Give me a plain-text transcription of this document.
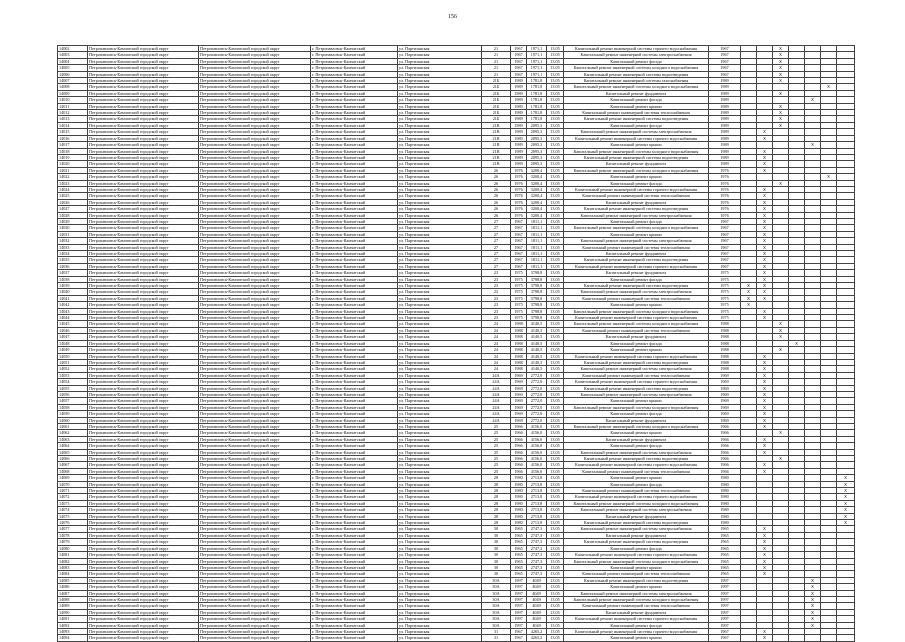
156
14002	Петропавловск-Камчатский городской округ	Петропавловск-Камчатский городской округ	г. Петропавловск-Камчатский	ул. Партизанская	21	1967	1971,1	13.05	Капитальный ремонт инженерной системы горячего водоснабжения	1967			X				
14003	Петропавловск-Камчатский городской округ	Петропавловск-Камчатский городской округ	г. Петропавловск-Камчатский	ул. Партизанская	21	1967	1971,1	13.05	Капитальный ремонт инженерной системы электроснабжения	1967			X				
14004	Петропавловск-Камчатский городской округ	Петропавловск-Камчатский городской округ	г. Петропавловск-Камчатский	ул. Партизанская	21	1967	1971,1	13.05	Капитальный ремонт фасада	1967			X				
14005	Петропавловск-Камчатский городской округ	Петропавловск-Камчатский городской округ	г. Петропавловск-Камчатский	ул. Партизанская	21	1967	1971,1	13.05	Капитальный ремонт инженерной системы холодного водоснабжения	1967			X				
14006	Петропавловск-Камчатский городской округ	Петропавловск-Камчатский городской округ	г. Петропавловск-Камчатский	ул. Партизанская	21	1967	1971,1	13.05	Капитальный ремонт инженерной системы водоотведения	1967			X				
14007	Петропавловск-Камчатский городской округ	Петропавловск-Камчатский городской округ	г. Петропавловск-Камчатский	ул. Партизанская	21Б	1989	1781,8	13.05	Капитальный ремонт инженерной системы газоснабжения	1989			X				
14008	Петропавловск-Камчатский городской округ	Петропавловск-Камчатский городской округ	г. Петропавловск-Камчатский	ул. Партизанская	21Б	1989	1781,8	13.05	Капитальный ремонт инженерной системы холодного водоснабжения	1989						X	
14009	Петропавловск-Камчатский городской округ	Петропавловск-Камчатский городской округ	г. Петропавловск-Камчатский	ул. Партизанская	21Б	1989	1781,8	13.05	Капитальный ремонт фундамента	1989			X				
14010	Петропавловск-Камчатский городской округ	Петропавловск-Камчатский городской округ	г. Петропавловск-Камчатский	ул. Партизанская	21Б	1989	1781,8	13.05	Капитальный ремонт фасада	1989					X		
14011	Петропавловск-Камчатский городской округ	Петропавловск-Камчатский городской округ	г. Петропавловск-Камчатский	ул. Партизанская	21Б	1989	1781,8	13.05	Капитальный ремонт крыши	1989			X				
14012	Петропавловск-Камчатский городской округ	Петропавловск-Камчатский городской округ	г. Петропавловск-Камчатский	ул. Партизанская	21Б	1989	1781,8	13.05	Капитальный ремонт инженерной системы теплоснабжения	1989			X				
14013	Петропавловск-Камчатский городской округ	Петропавловск-Камчатский городской округ	г. Петропавловск-Камчатский	ул. Партизанская	21Б	1989	1781,8	13.05	Капитальный ремонт инженерной системы водоотведения	1989			X				
14014	Петропавловск-Камчатский городской округ	Петропавловск-Камчатский городской округ	г. Петропавловск-Камчатский	ул. Партизанская	21В	1989	2095,3	13.05	Капитальный ремонт фасада	1989			X				
14015	Петропавловск-Камчатский городской округ	Петропавловск-Камчатский городской округ	г. Петропавловск-Камчатский	ул. Партизанская	21В	1989	2095,3	13.05	Капитальный ремонт инженерной системы электроснабжения	1989		X					
14016	Петропавловск-Камчатский городской округ	Петропавловск-Камчатский городской округ	г. Петропавловск-Камчатский	ул. Партизанская	21В	1989	2095,3	13.05	Капитальный ремонт инженерной системы горячего водоснабжения	1989		X					
14017	Петропавловск-Камчатский городской округ	Петропавловск-Камчатский городской округ	г. Петропавловск-Камчатский	ул. Партизанская	21В	1989	2095,3	13.05	Капитальный ремонт крыши	1989					X		
14018	Петропавловск-Камчатский городской округ	Петропавловск-Камчатский городской округ	г. Петропавловск-Камчатский	ул. Партизанская	21В	1989	2095,3	13.05	Капитальный ремонт инженерной системы холодного водоснабжения	1989		X					
14019	Петропавловск-Камчатский городской округ	Петропавловск-Камчатский городской округ	г. Петропавловск-Камчатский	ул. Партизанская	21В	1989	2095,3	13.05	Капитальный ремонт инженерной системы водоотведения	1989		X					
14020	Петропавловск-Камчатский городской округ	Петропавловск-Камчатский городской округ	г. Петропавловск-Камчатский	ул. Партизанская	21В	1989	2095,3	13.05	Капитальный ремонт фундамента	1989		X					
14021	Петропавловск-Камчатский городской округ	Петропавловск-Камчатский городской округ	г. Петропавловск-Камчатский	ул. Партизанская	26	1976	3200,4	13.05	Капитальный ремонт инженерной системы холодного водоснабжения	1976		X					
14022	Петропавловск-Камчатский городской округ	Петропавловск-Камчатский городской округ	г. Петропавловск-Камчатский	ул. Партизанская	26	1976	3200,4	13.05	Капитальный ремонт крыши	1976						X	
14023	Петропавловск-Камчатский городской округ	Петропавловск-Камчатский городской округ	г. Петропавловск-Камчатский	ул. Партизанская	26	1976	3200,4	13.05	Капитальный ремонт фасада	1976			X				
14024	Петропавловск-Камчатский городской округ	Петропавловск-Камчатский городской округ	г. Петропавловск-Камчатский	ул. Партизанская	26	1976	3200,4	13.05	Капитальный ремонт инженерной системы горячего водоснабжения	1976		X					
14025	Петропавловск-Камчатский городской округ	Петропавловск-Камчатский городской округ	г. Петропавловск-Камчатский	ул. Партизанская	26	1976	3200,4	13.05	Капитальный ремонт инженерной системы теплоснабжения	1976		X					
14026	Петропавловск-Камчатский городской округ	Петропавловск-Камчатский городской округ	г. Петропавловск-Камчатский	ул. Партизанская	26	1976	3200,4	13.05	Капитальный ремонт фундамента	1976		X					
14027	Петропавловск-Камчатский городской округ	Петропавловск-Камчатский городской округ	г. Петропавловск-Камчатский	ул. Партизанская	26	1976	3200,4	13.05	Капитальный ремонт инженерной системы водоотведения	1976		X					
14028	Петропавловск-Камчатский городской округ	Петропавловск-Камчатский городской округ	г. Петропавловск-Камчатский	ул. Партизанская	26	1976	3200,4	13.05	Капитальный ремонт инженерной системы электроснабжения	1976		X					
14029	Петропавловск-Камчатский городской округ	Петропавловск-Камчатский городской округ	г. Петропавловск-Камчатский	ул. Партизанская	27	1967	1811,1	13.05	Капитальный ремонт фасада	1967		X					
14030	Петропавловск-Камчатский городской округ	Петропавловск-Камчатский городской округ	г. Петропавловск-Камчатский	ул. Партизанская	27	1967	1811,1	13.05	Капитальный ремонт инженерной системы холодного водоснабжения	1967		X					
14031	Петропавловск-Камчатский городской округ	Петропавловск-Камчатский городской округ	г. Петропавловск-Камчатский	ул. Партизанская	27	1967	1811,1	13.05	Капитальный ремонт крыши	1967		X					
14032	Петропавловск-Камчатский городской округ	Петропавловск-Камчатский городской округ	г. Петропавловск-Камчатский	ул. Партизанская	27	1967	1811,1	13.05	Капитальный ремонт инженерной системы электроснабжения	1967		X					
14033	Петропавловск-Камчатский городской округ	Петропавловск-Камчатский городской округ	г. Петропавловск-Камчатский	ул. Партизанская	27	1967	1811,1	13.05	Капитальный ремонт инженерной системы теплоснабжения	1967		X					
14034	Петропавловск-Камчатский городской округ	Петропавловск-Камчатский городской округ	г. Петропавловск-Камчатский	ул. Партизанская	27	1967	1811,1	13.05	Капитальный ремонт фундамента	1967		X					
14035	Петропавловск-Камчатский городской округ	Петропавловск-Камчатский городской округ	г. Петропавловск-Камчатский	ул. Партизанская	27	1967	1811,1	13.05	Капитальный ремонт инженерной системы водоотведения	1967		X					
14036	Петропавловск-Камчатский городской округ	Петропавловск-Камчатский городской округ	г. Петропавловск-Камчатский	ул. Партизанская	27	1967	1811,1	13.05	Капитальный ремонт инженерной системы горячего водоснабжения	1967		X					
14037	Петропавловск-Камчатский городской округ	Петропавловск-Камчатский городской округ	г. Петропавловск-Камчатский	ул. Партизанская	23	1975	3798,8	13.05	Капитальный ремонт фундамента	1975		X					
14038	Петропавловск-Камчатский городской округ	Петропавловск-Камчатский городской округ	г. Петропавловск-Камчатский	ул. Партизанская	23	1975	3798,8	13.05	Капитальный ремонт фасада	1975		X					
14039	Петропавловск-Камчатский городской округ	Петропавловск-Камчатский городской округ	г. Петропавловск-Камчатский	ул. Партизанская	23	1975	3798,8	13.05	Капитальный ремонт инженерной системы водоотведения	1975	X	X					
14040	Петропавловск-Камчатский городской округ	Петропавловск-Камчатский городской округ	г. Петропавловск-Камчатский	ул. Партизанская	23	1975	3798,8	13.05	Капитальный ремонт инженерной системы электроснабжения	1975	X	X					
14041	Петропавловск-Камчатский городской округ	Петропавловск-Камчатский городской округ	г. Петропавловск-Камчатский	ул. Партизанская	23	1975	3798,8	13.05	Капитальный ремонт инженерной системы теплоснабжения	1975	X	X					
14042	Петропавловск-Камчатский городской округ	Петропавловск-Камчатский городской округ	г. Петропавловск-Камчатский	ул. Партизанская	23	1975	3798,8	13.05	Капитальный ремонт крыши	1975	X						
14043	Петропавловск-Камчатский городской округ	Петропавловск-Камчатский городской округ	г. Петропавловск-Камчатский	ул. Партизанская	23	1975	3798,8	13.05	Капитальный ремонт инженерной системы холодного водоснабжения	1975		X					
14044	Петропавловск-Камчатский городской округ	Петропавловск-Камчатский городской округ	г. Петропавловск-Камчатский	ул. Партизанская	23	1975	3798,8	13.05	Капитальный ремонт инженерной системы горячего водоснабжения	1975		X					
14045	Петропавловск-Камчатский городской округ	Петропавловск-Камчатский городской округ	г. Петропавловск-Камчатский	ул. Партизанская	24	1988	4140,5	13.05	Капитальный ремонт инженерной системы холодного водоснабжения	1988			X				
14046	Петропавловск-Камчатский городской округ	Петропавловск-Камчатский городской округ	г. Петропавловск-Камчатский	ул. Партизанская	24	1988	4140,5	13.05	Капитальный ремонт инженерной системы теплоснабжения	1988			X				
14047	Петропавловск-Камчатский городской округ	Петропавловск-Камчатский городской округ	г. Петропавловск-Камчатский	ул. Партизанская	24	1988	4140,5	13.05	Капитальный ремонт фундамента	1988			X				
14048	Петропавловск-Камчатский городской округ	Петропавловск-Камчатский городской округ	г. Петропавловск-Камчатский	ул. Партизанская	24	1988	4140,5	13.05	Капитальный ремонт фасада	1988				X			
14049	Петропавловск-Камчатский городской округ	Петропавловск-Камчатский городской округ	г. Петропавловск-Камчатский	ул. Партизанская	24	1988	4140,5	13.05	Капитальный ремонт крыши	1988			X				
14050	Петропавловск-Камчатский городской округ	Петропавловск-Камчатский городской округ	г. Петропавловск-Камчатский	ул. Партизанская	24	1988	4140,5	13.05	Капитальный ремонт инженерной системы горячего водоснабжения	1988		X					
14051	Петропавловск-Камчатский городской округ	Петропавловск-Камчатский городской округ	г. Петропавловск-Камчатский	ул. Партизанская	24	1988	4140,5	13.05	Капитальный ремонт инженерной системы водоотведения	1988		X					
14052	Петропавловск-Камчатский городской округ	Петропавловск-Камчатский городской округ	г. Петропавловск-Камчатский	ул. Партизанская	24	1988	4140,5	13.05	Капитальный ремонт инженерной системы электроснабжения	1988		X					
14053	Петропавловск-Камчатский городской округ	Петропавловск-Камчатский городской округ	г. Петропавловск-Камчатский	ул. Партизанская	24А	1969	2772,0	13.05	Капитальный ремонт инженерной системы теплоснабжения	1969		X					
14054	Петропавловск-Камчатский городской округ	Петропавловск-Камчатский городской округ	г. Петропавловск-Камчатский	ул. Партизанская	24А	1969	2772,0	13.05	Капитальный ремонт инженерной системы горячего водоснабжения	1969		X					
14055	Петропавловск-Камчатский городской округ	Петропавловск-Камчатский городской округ	г. Петропавловск-Камчатский	ул. Партизанская	24А	1969	2772,0	13.05	Капитальный ремонт инженерной системы водоотведения	1969		X					
14056	Петропавловск-Камчатский городской округ	Петропавловск-Камчатский городской округ	г. Петропавловск-Камчатский	ул. Партизанская	24А	1969	2772,0	13.05	Капитальный ремонт инженерной системы электроснабжения	1969		X					
14057	Петропавловск-Камчатский городской округ	Петропавловск-Камчатский городской округ	г. Петропавловск-Камчатский	ул. Партизанская	24А	1969	2772,0	13.05	Капитальный ремонт крыши	1969		X					
14058	Петропавловск-Камчатский городской округ	Петропавловск-Камчатский городской округ	г. Петропавловск-Камчатский	ул. Партизанская	24А	1969	2772,0	13.05	Капитальный ремонт инженерной системы холодного водоснабжения	1969		X					
14059	Петропавловск-Камчатский городской округ	Петропавловск-Камчатский городской округ	г. Петропавловск-Камчатский	ул. Партизанская	24А	1969	2772,0	13.05	Капитальный ремонт фасада	1969		X					
14060	Петропавловск-Камчатский городской округ	Петропавловск-Камчатский городской округ	г. Петропавловск-Камчатский	ул. Партизанская	24А	1969	2772,0	13.05	Капитальный ремонт фундамента	1969		X					
14061	Петропавловск-Камчатский городской округ	Петропавловск-Камчатский городской округ	г. Петропавловск-Камчатский	ул. Партизанская	25	1966	4156,0	13.05	Капитальный ремонт инженерной системы холодного водоснабжения	1966		X					
14062	Петропавловск-Камчатский городской округ	Петропавловск-Камчатский городской округ	г. Петропавловск-Камчатский	ул. Партизанская	25	1966	4156,0	13.05	Капитальный ремонт крыши	1966			X				
14063	Петропавловск-Камчатский городской округ	Петропавловск-Камчатский городской округ	г. Петропавловск-Камчатский	ул. Партизанская	25	1966	4156,0	13.05	Капитальный ремонт фундамента	1966		X					
14064	Петропавловск-Камчатский городской округ	Петропавловск-Камчатский городской округ	г. Петропавловск-Камчатский	ул. Партизанская	25	1966	4156,0	13.05	Капитальный ремонт фасада	1966		X					
14065	Петропавловск-Камчатский городской округ	Петропавловск-Камчатский городской округ	г. Петропавловск-Камчатский	ул. Партизанская	25	1966	4156,0	13.05	Капитальный ремонт инженерной системы электроснабжения	1966		X					
14066	Петропавловск-Камчатский городской округ	Петропавловск-Камчатский городской округ	г. Петропавловск-Камчатский	ул. Партизанская	25	1966	4156,0	13.05	Капитальный ремонт инженерной системы водоотведения	1966			X				
14067	Петропавловск-Камчатский городской округ	Петропавловск-Камчатский городской округ	г. Петропавловск-Камчатский	ул. Партизанская	25	1966	4156,0	13.05	Капитальный ремонт инженерной системы горячего водоснабжения	1966		X					
14068	Петропавловск-Камчатский городской округ	Петропавловск-Камчатский городской округ	г. Петропавловск-Камчатский	ул. Партизанская	25	1966	4156,0	13.05	Капитальный ремонт инженерной системы теплоснабжения	1966		X					
14069	Петропавловск-Камчатский городской округ	Петропавловск-Камчатский городской округ	г. Петропавловск-Камчатский	ул. Партизанская	28	1980	2713,8	13.05	Капитальный ремонт крыши	1980							X
14070	Петропавловск-Камчатский городской округ	Петропавловск-Камчатский городской округ	г. Петропавловск-Камчатский	ул. Партизанская	28	1980	2713,8	13.05	Капитальный ремонт фасада	1980							X
14071	Петропавловск-Камчатский городской округ	Петропавловск-Камчатский городской округ	г. Петропавловск-Камчатский	ул. Партизанская	28	1980	2713,8	13.05	Капитальный ремонт инженерной системы теплоснабжения	1980							X
14072	Петропавловск-Камчатский городской округ	Петропавловск-Камчатский городской округ	г. Петропавловск-Камчатский	ул. Партизанская	28	1980	2713,8	13.05	Капитальный ремонт инженерной системы горячего водоснабжения	1980							X
14073	Петропавловск-Камчатский городской округ	Петропавловск-Камчатский городской округ	г. Петропавловск-Камчатский	ул. Партизанская	28	1980	2713,8	13.05	Капитальный ремонт инженерной системы холодного водоснабжения	1980							X
14074	Петропавловск-Камчатский городской округ	Петропавловск-Камчатский городской округ	г. Петропавловск-Камчатский	ул. Партизанская	28	1980	2713,8	13.05	Капитальный ремонт инженерной системы электроснабжения	1980							X
14075	Петропавловск-Камчатский городской округ	Петропавловск-Камчатский городской округ	г. Петропавловск-Камчатский	ул. Партизанская	28	1980	2713,8	13.05	Капитальный ремонт фундамента	1980							X
14076	Петропавловск-Камчатский городской округ	Петропавловск-Камчатский городской округ	г. Петропавловск-Камчатский	ул. Партизанская	28	1980	2713,8	13.05	Капитальный ремонт инженерной системы водоотведения	1980							X
14077	Петропавловск-Камчатский городской округ	Петропавловск-Камчатский городской округ	г. Петропавловск-Камчатский	ул. Партизанская	30	1965	2747,3	13.05	Капитальный ремонт инженерной системы электроснабжения	1965		X					
14078	Петропавловск-Камчатский городской округ	Петропавловск-Камчатский городской округ	г. Петропавловск-Камчатский	ул. Партизанская	30	1965	2747,3	13.05	Капитальный ремонт фундамента	1965		X					
14079	Петропавловск-Камчатский городской округ	Петропавловск-Камчатский городской округ	г. Петропавловск-Камчатский	ул. Партизанская	30	1965	2747,3	13.05	Капитальный ремонт инженерной системы водоотведения	1965		X					
14080	Петропавловск-Камчатский городской округ	Петропавловск-Камчатский городской округ	г. Петропавловск-Камчатский	ул. Партизанская	30	1965	2747,3	13.05	Капитальный ремонт фасада	1965		X					
14081	Петропавловск-Камчатский городской округ	Петропавловск-Камчатский городской округ	г. Петропавловск-Камчатский	ул. Партизанская	30	1965	2747,3	13.05	Капитальный ремонт инженерной системы горячего водоснабжения	1965		X					
14082	Петропавловск-Камчатский городской округ	Петропавловск-Камчатский городской округ	г. Петропавловск-Камчатский	ул. Партизанская	30	1965	2747,3	13.05	Капитальный ремонт инженерной системы холодного водоснабжения	1965		X					
14083	Петропавловск-Камчатский городской округ	Петропавловск-Камчатский городской округ	г. Петропавловск-Камчатский	ул. Партизанская	30	1965	2747,3	13.05	Капитальный ремонт крыши	1965		X					
14084	Петропавловск-Камчатский городской округ	Петропавловск-Камчатский городской округ	г. Петропавловск-Камчатский	ул. Партизанская	30	1965	2747,3	13.05	Капитальный ремонт инженерной системы теплоснабжения	1965		X					
14085	Петропавловск-Камчатский городской округ	Петропавловск-Камчатский городской округ	г. Петропавловск-Камчатский	ул. Партизанская	30А	1997	4049	13.05	Капитальный ремонт инженерной системы водоотведения	1997					X		
14086	Петропавловск-Камчатский городской округ	Петропавловск-Камчатский городской округ	г. Петропавловск-Камчатский	ул. Партизанская	30А	1997	4049	13.05	Капитальный ремонт крыши	1997					X		
14087	Петропавловск-Камчатский городской округ	Петропавловск-Камчатский городской округ	г. Петропавловск-Камчатский	ул. Партизанская	30А	1997	4049	13.05	Капитальный ремонт инженерной системы электроснабжения	1997					X		
14088	Петропавловск-Камчатский городской округ	Петропавловск-Камчатский городской округ	г. Петропавловск-Камчатский	ул. Партизанская	30А	1997	4049	13.05	Капитальный ремонт инженерной системы холодного водоснабжения	1997					X		
14089	Петропавловск-Камчатский городской округ	Петропавловск-Камчатский городской округ	г. Петропавловск-Камчатский	ул. Партизанская	30А	1997	4049	13.05	Капитальный ремонт инженерной системы теплоснабжения	1997					X		
14090	Петропавловск-Камчатский городской округ	Петропавловск-Камчатский городской округ	г. Петропавловск-Камчатский	ул. Партизанская	30А	1997	4049	13.05	Капитальный ремонт фундамента	1997					X		
14091	Петропавловск-Камчатский городской округ	Петропавловск-Камчатский городской округ	г. Петропавловск-Камчатский	ул. Партизанская	30А	1997	4049	13.05	Капитальный ремонт инженерной системы горячего водоснабжения	1997					X		
14092	Петропавловск-Камчатский городской округ	Петропавловск-Камчатский городской округ	г. Петропавловск-Камчатский	ул. Партизанская	30А	1997	4049	13.05	Капитальный ремонт фасада	1997					X		
14093	Петропавловск-Камчатский городской округ	Петропавловск-Камчатский городской округ	г. Петропавловск-Камчатский	ул. Партизанская	31	1967	4265,2	13.05	Капитальный ремонт инженерной системы горячего водоснабжения	1967		X					
14094	Петропавловск-Камчатский городской округ	Петропавловск-Камчатский городской округ	г. Петропавловск-Камчатский	ул. Партизанская	31	1967	4265,2	13.05	Капитальный ремонт крыши	1967		X					
